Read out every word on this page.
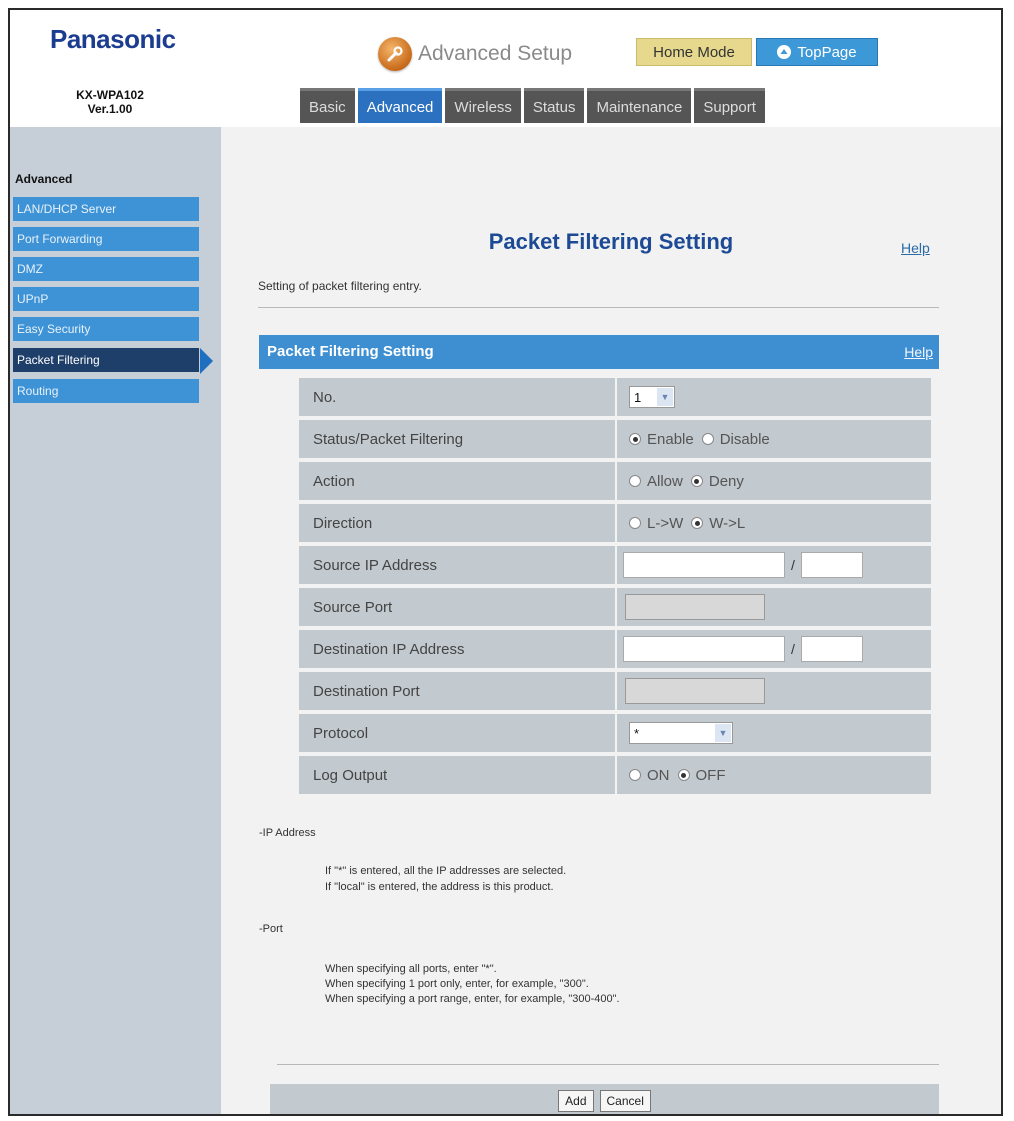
Panasonic
KX-WPA102
Ver.1.00
Advanced Setup	Home Mode	TopPage
Basic	Advanced	Wireless	Status	Maintenance	Support
Advanced
LAN/DHCP Server
Port Forwarding
DMZ
UPnP
Easy Security
Packet Filtering
Routing
Packet Filtering Setting	Help
Setting of packet filtering entry.
Packet Filtering Setting	Help
No.	1	▼
Status/Packet Filtering	Enable Disable
Action	Allow Deny
Direction	L->W W->L
Source IP Address	/
Source Port
Destination IP Address	/
Destination Port
Protocol	*	▼
Log Output	ON OFF
-IP Address
If "*" is entered, all the IP addresses are selected.
If "local" is entered, the address is this product.
-Port
When specifying all ports, enter "*".
When specifying 1 port only, enter, for example, "300".
When specifying a port range, enter, for example, "300-400".
Add	Cancel
